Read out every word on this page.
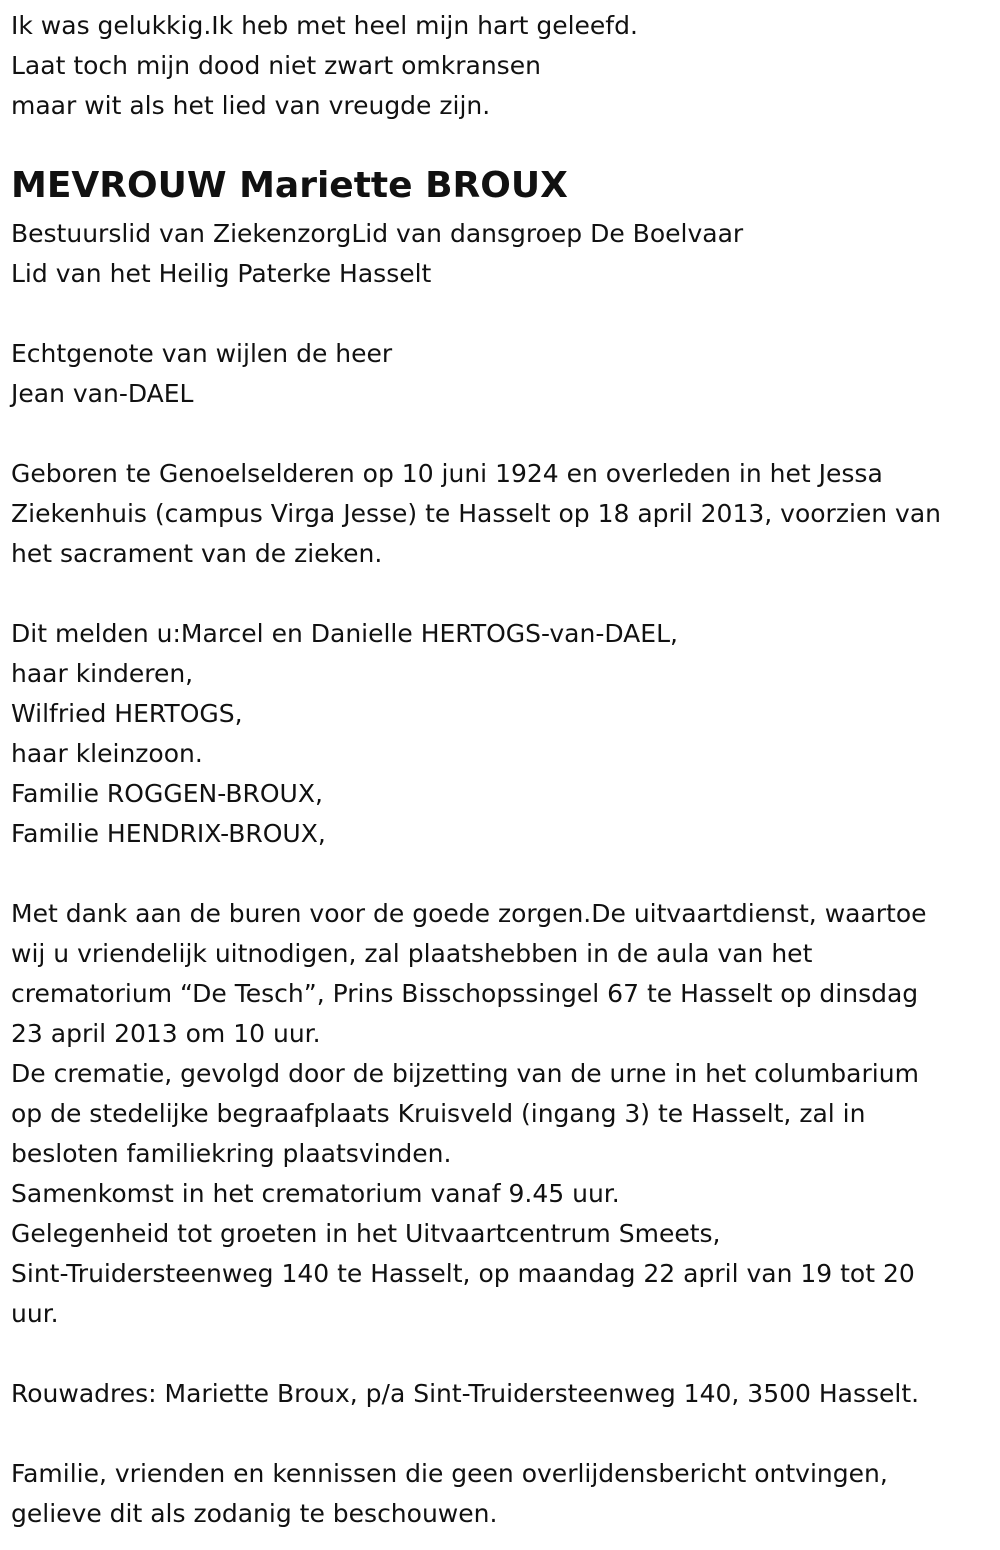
Ik was gelukkig.Ik heb met heel mijn hart geleefd.

Laat toch mijn dood niet zwart omkransen

maar wit als het lied van vreugde zijn.

MEVROUW Mariette BROUX

Bestuurslid van ZiekenzorgLid van dansgroep De Boelvaar

Lid van het Heilig Paterke Hasselt

Echtgenote van wijlen de heer

Jean van-DAEL

Geboren te Genoelselderen op 10 juni 1924 en overleden in het Jessa

Ziekenhuis (campus Virga Jesse) te Hasselt op 18 april 2013, voorzien van

het sacrament van de zieken.

Dit melden u:Marcel en Danielle HERTOGS-van-DAEL,

haar kinderen,

Wilfried HERTOGS,

haar kleinzoon.

Familie ROGGEN-BROUX,

Familie HENDRIX-BROUX,

Met dank aan de buren voor de goede zorgen.De uitvaartdienst, waartoe

wij u vriendelijk uitnodigen, zal plaatshebben in de aula van het

crematorium “De Tesch”, Prins Bisschopssingel 67 te Hasselt op dinsdag

23 april 2013 om 10 uur.

De crematie, gevolgd door de bijzetting van de urne in het columbarium

op de stedelijke begraafplaats Kruisveld (ingang 3) te Hasselt, zal in

besloten familiekring plaatsvinden.

Samenkomst in het crematorium vanaf 9.45 uur.

Gelegenheid tot groeten in het Uitvaartcentrum Smeets,

Sint-Truidersteenweg 140 te Hasselt, op maandag 22 april van 19 tot 20

uur.

Rouwadres: Mariette Broux, p/a Sint-Truidersteenweg 140, 3500 Hasselt.

Familie, vrienden en kennissen die geen overlijdensbericht ontvingen,

gelieve dit als zodanig te beschouwen.
